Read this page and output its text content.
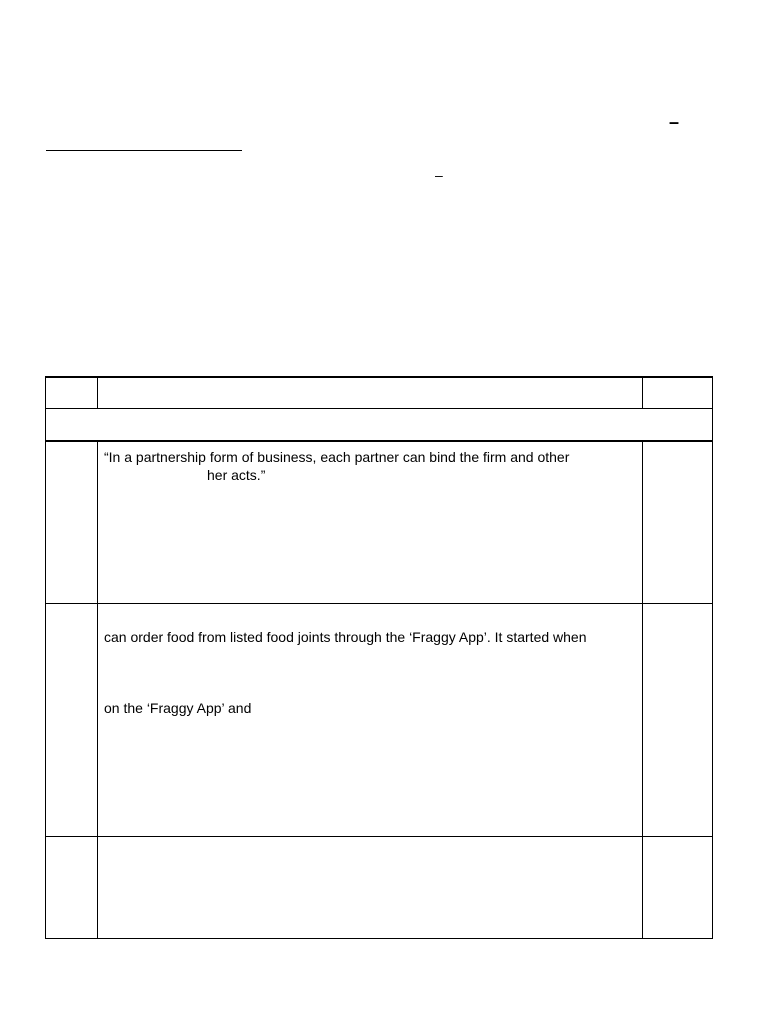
–
–

	“In a partnership form of business, each partner can bind the firm and other

her acts.”	

	can order food from listed food joints through the ‘Fraggy App’. It started when

on the ‘Fraggy App’ and	
